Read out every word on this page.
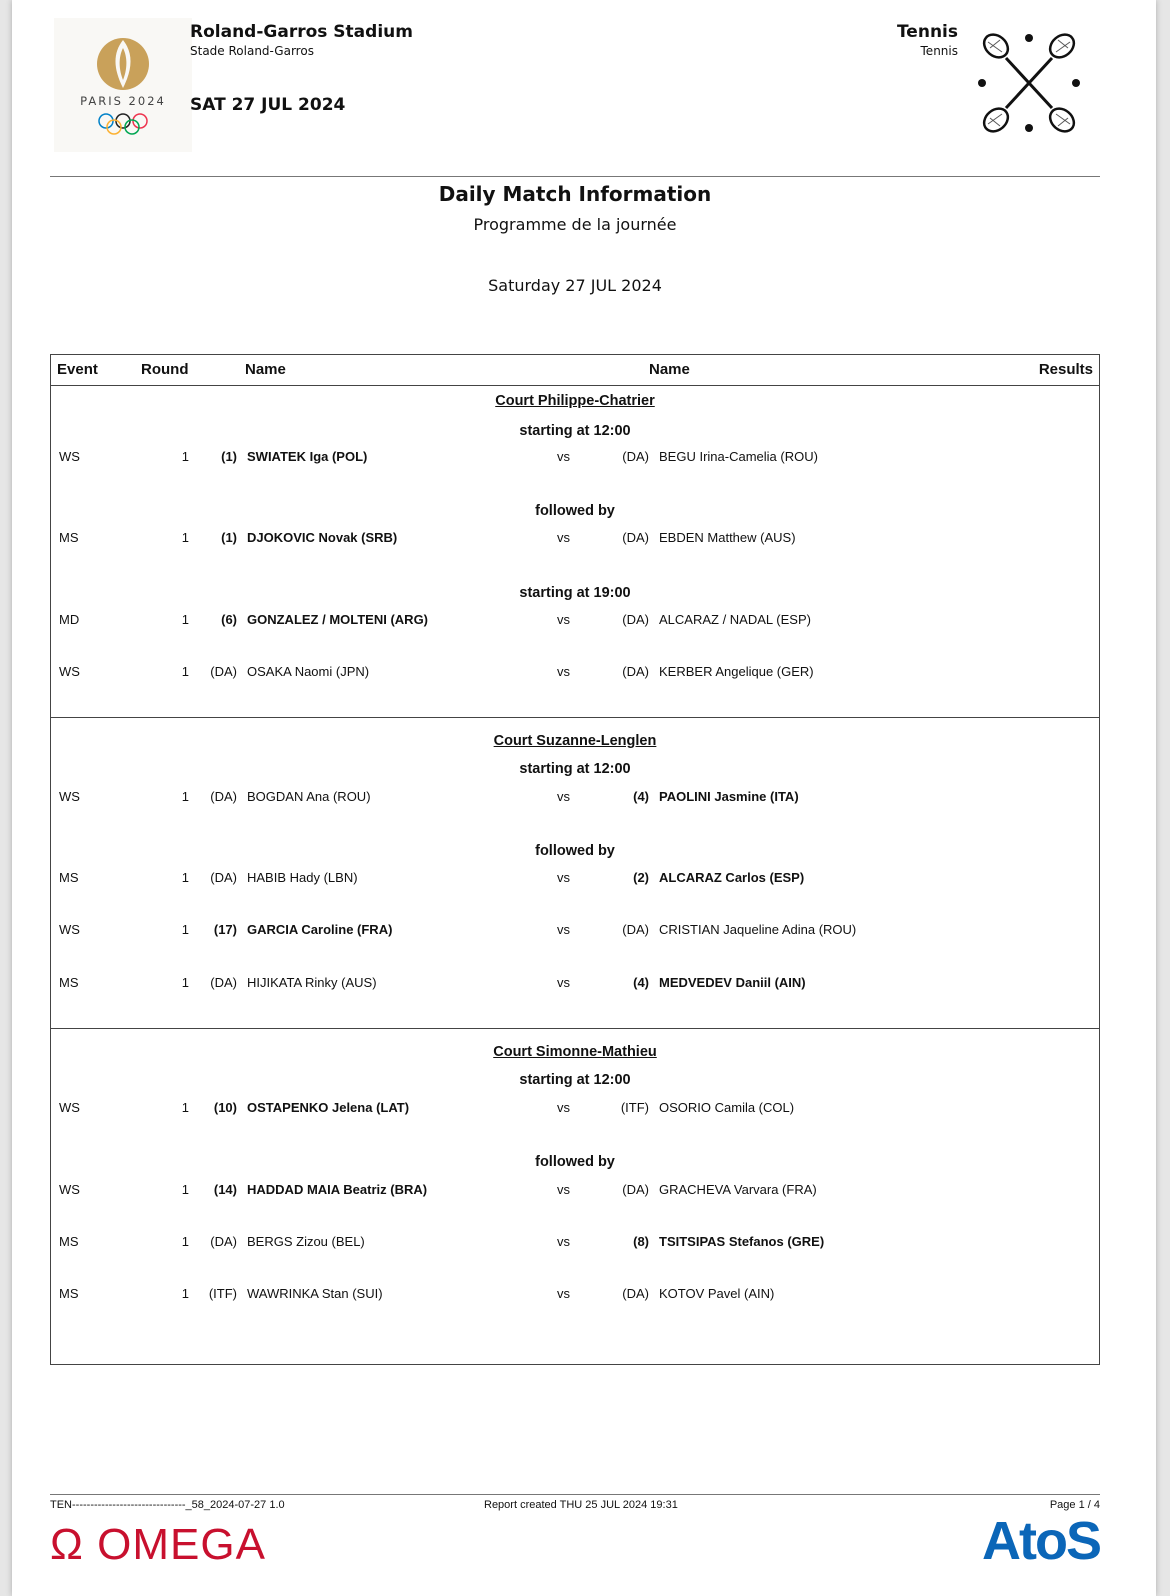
PARIS 2024
Roland-Garros Stadium
Stade Roland-Garros
SAT 27 JUL 2024
Tennis
Tennis
Daily Match Information
Programme de la journée
Saturday 27 JUL 2024
Event	Round	Name	Name	Results
Court Philippe-Chatrier
starting at 12:00
WS	1	(1) SWIATEK Iga (POL)	vs	(DA) BEGU Irina-Camelia (ROU)
followed by
MS	1	(1) DJOKOVIC Novak (SRB)	vs	(DA) EBDEN Matthew (AUS)
starting at 19:00
MD	1	(6) GONZALEZ / MOLTENI (ARG)	vs	(DA) ALCARAZ / NADAL (ESP)
WS	1	(DA) OSAKA Naomi (JPN)	vs	(DA) KERBER Angelique (GER)
Court Suzanne-Lenglen
starting at 12:00
WS	1	(DA) BOGDAN Ana (ROU)	vs	(4) PAOLINI Jasmine (ITA)
followed by
MS	1	(DA) HABIB Hady (LBN)	vs	(2) ALCARAZ Carlos (ESP)
WS	1	(17) GARCIA Caroline (FRA)	vs	(DA) CRISTIAN Jaqueline Adina (ROU)
MS	1	(DA) HIJIKATA Rinky (AUS)	vs	(4) MEDVEDEV Daniil (AIN)
Court Simonne-Mathieu
starting at 12:00
WS	1	(10) OSTAPENKO Jelena (LAT)	vs	(ITF) OSORIO Camila (COL)
followed by
WS	1	(14) HADDAD MAIA Beatriz (BRA)	vs	(DA) GRACHEVA Varvara (FRA)
MS	1	(DA) BERGS Zizou (BEL)	vs	(8) TSITSIPAS Stefanos (GRE)
MS	1	(ITF) WAWRINKA Stan (SUI)	vs	(DA) KOTOV Pavel (AIN)
TEN-------------------------------_58_2024-07-27 1.0	Report created THU 25 JUL 2024 19:31	Page 1 / 4
Ω OMEGA	AtoS
